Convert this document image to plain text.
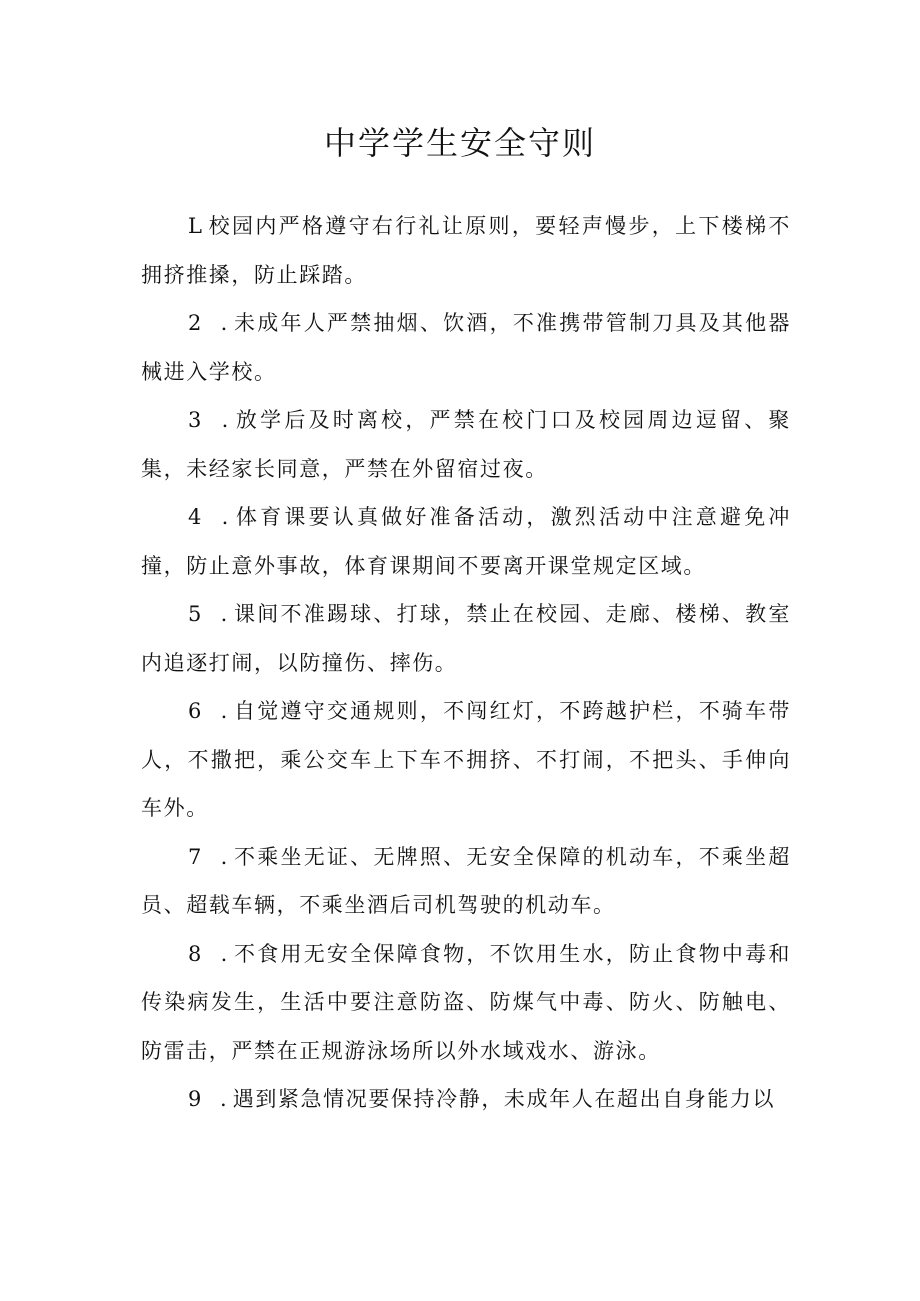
中学学生安全守则

L校园内严格遵守右行礼让原则，要轻声慢步，上下楼梯不拥挤推搡，防止踩踏。

2 .未成年人严禁抽烟、饮酒，不准携带管制刀具及其他器械进入学校。

3 .放学后及时离校，严禁在校门口及校园周边逗留、聚集，未经家长同意，严禁在外留宿过夜。

4 .体育课要认真做好准备活动，激烈活动中注意避免冲撞，防止意外事故，体育课期间不要离开课堂规定区域。

5 .课间不准踢球、打球，禁止在校园、走廊、楼梯、教室内追逐打闹，以防撞伤、摔伤。

6 .自觉遵守交通规则，不闯红灯，不跨越护栏，不骑车带人，不撒把，乘公交车上下车不拥挤、不打闹，不把头、手伸向车外。

7 .不乘坐无证、无牌照、无安全保障的机动车，不乘坐超员、超载车辆，不乘坐酒后司机驾驶的机动车。

8 .不食用无安全保障食物，不饮用生水，防止食物中毒和传染病发生，生活中要注意防盗、防煤气中毒、防火、防触电、防雷击，严禁在正规游泳场所以外水域戏水、游泳。

9 .遇到紧急情况要保持冷静，未成年人在超出自身能力以
